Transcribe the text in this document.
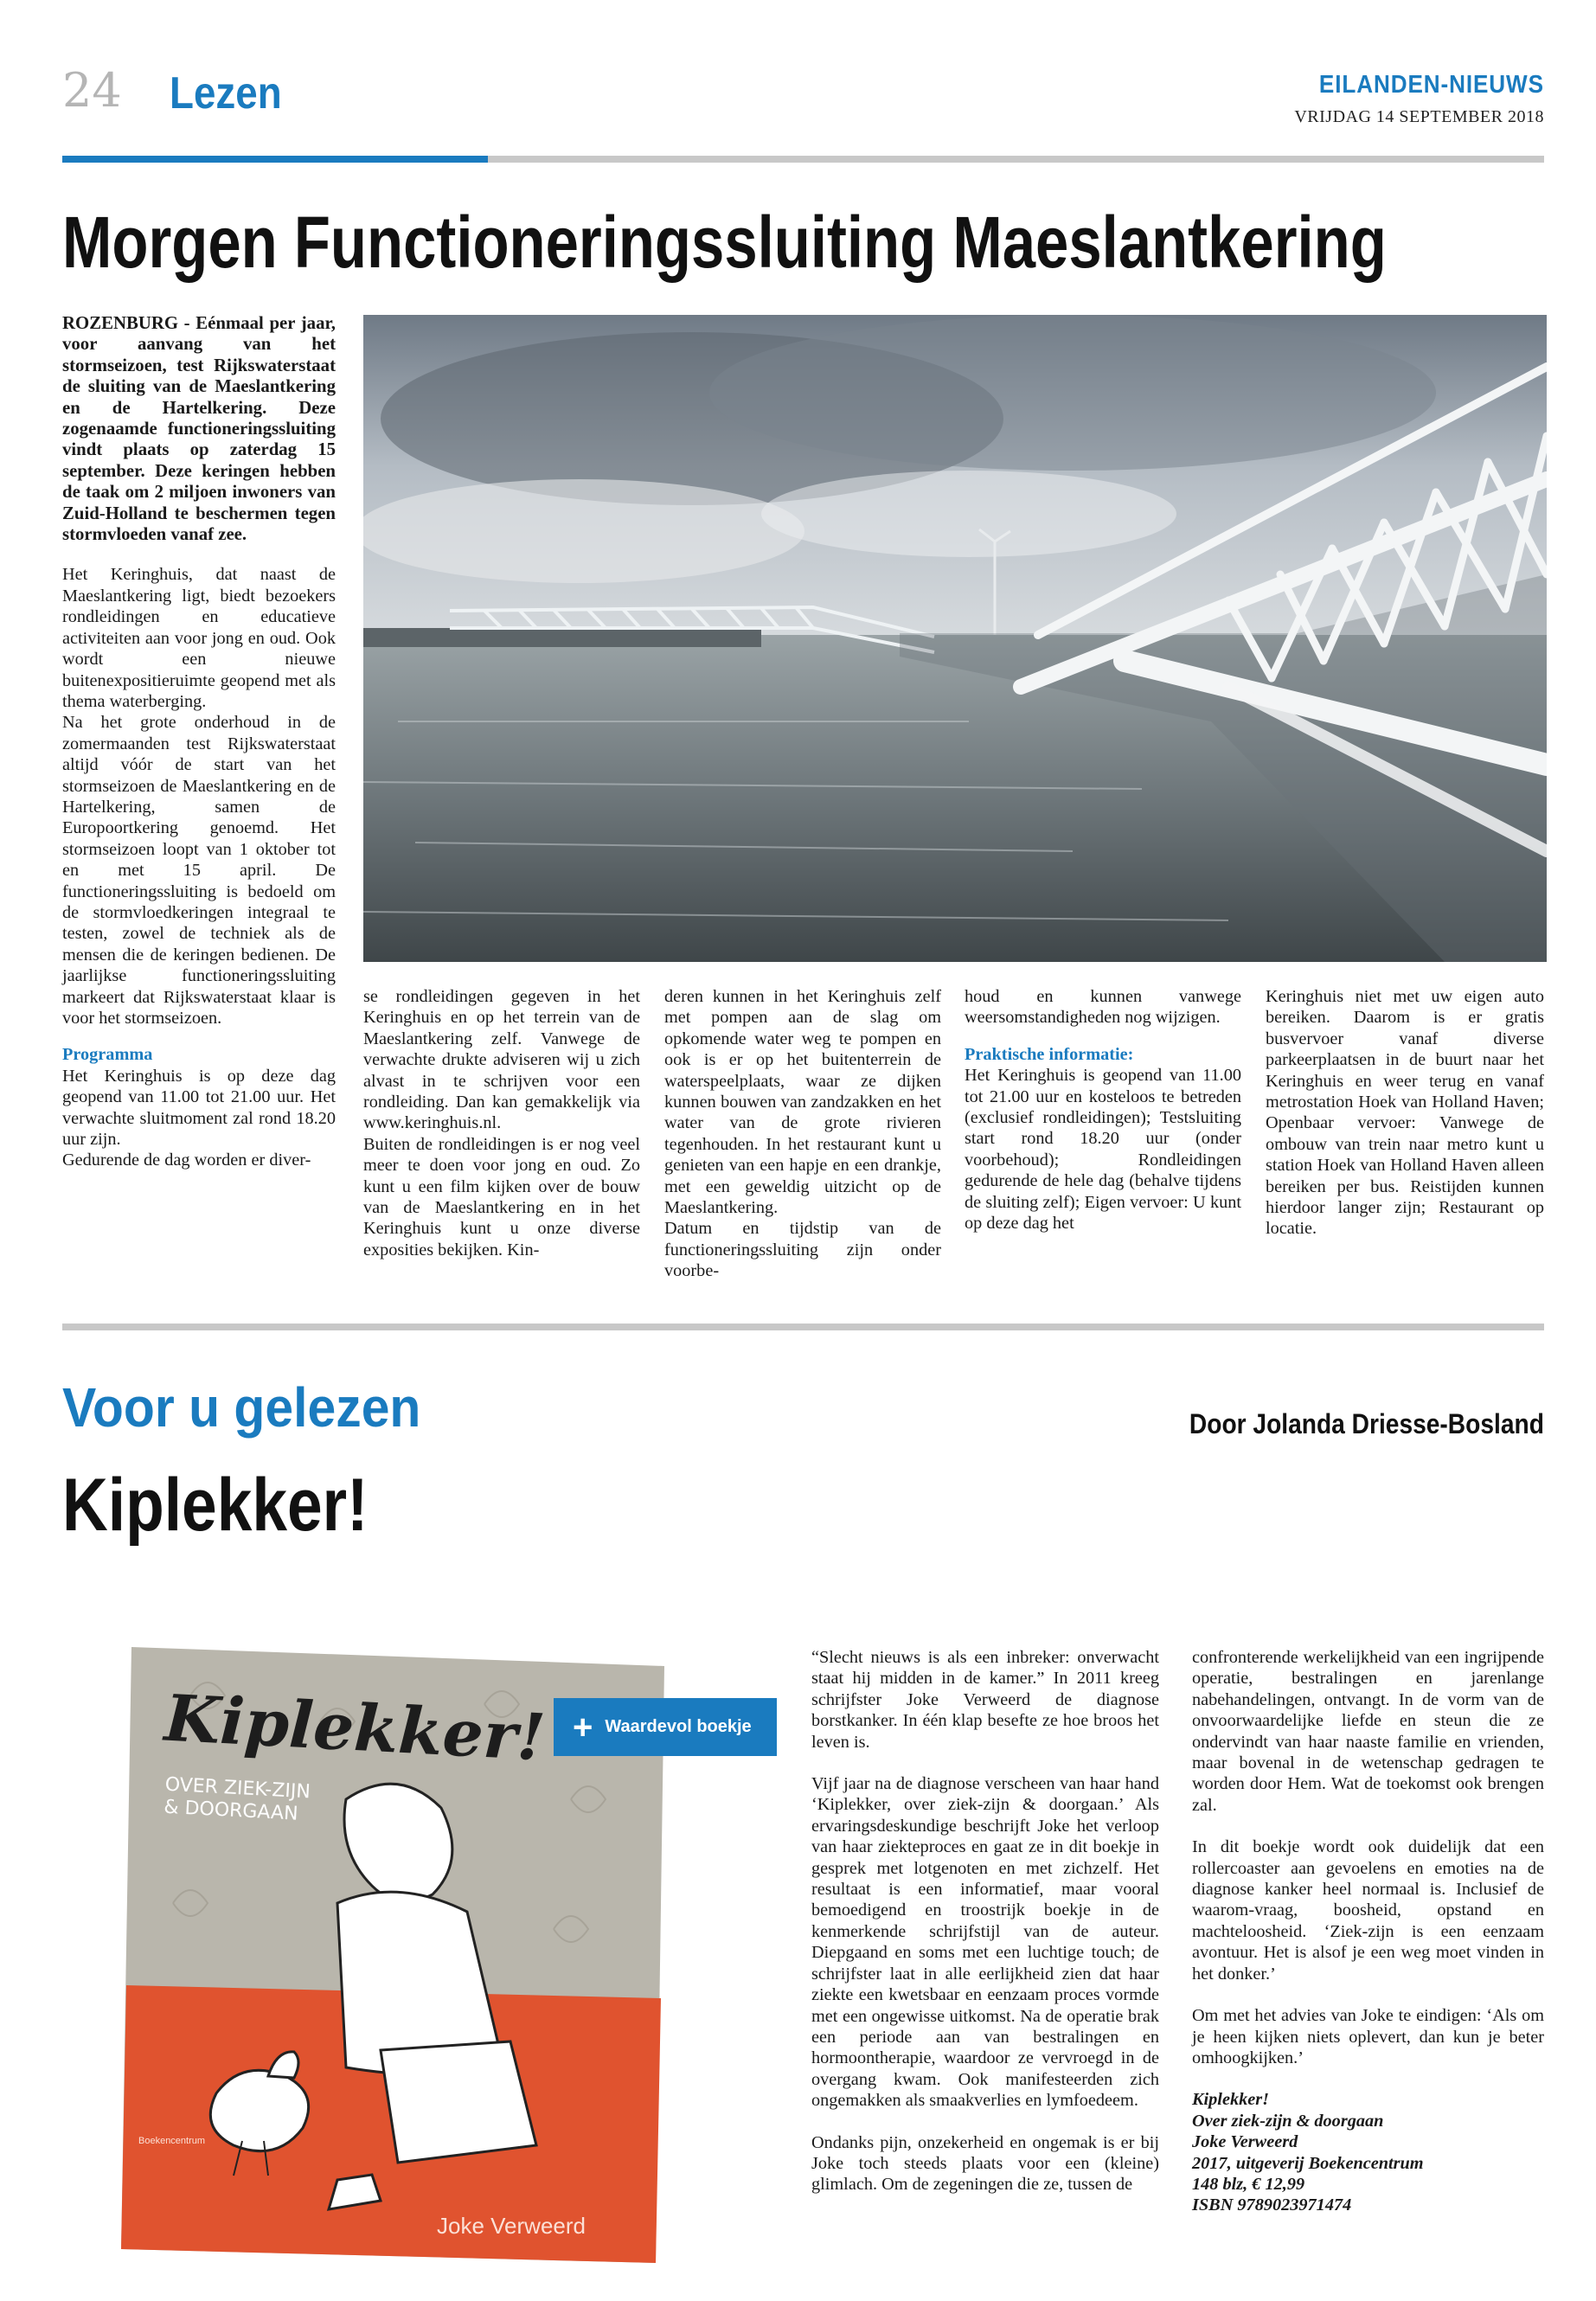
24 Lezen	EILANDEN-NIEUWS
VRIJDAG 14 SEPTEMBER 2018
Morgen Functioneringssluiting Maeslantkering

ROZENBURG - Eénmaal per jaar, voor aanvang van het stormseizoen, test Rijkswaterstaat de sluiting van de Maeslantkering en de Hartelkering. Deze zogenaamde functioneringssluiting vindt plaats op zaterdag 15 september. Deze keringen hebben de taak om 2 miljoen inwoners van Zuid-Holland te beschermen tegen stormvloeden vanaf zee.

Het Keringhuis, dat naast de Maeslantkering ligt, biedt bezoekers rondleidingen en educatieve activiteiten aan voor jong en oud. Ook wordt een nieuwe buitenexpositieruimte geopend met als thema waterberging.

Na het grote onderhoud in de zomermaanden test Rijkswaterstaat altijd vóór de start van het stormseizoen de Maeslantkering en de Hartelkering, samen de Europoortkering genoemd. Het stormseizoen loopt van 1 oktober tot en met 15 april. De functioneringssluiting is bedoeld om de stormvloedkeringen integraal te testen, zowel de techniek als de mensen die de keringen bedienen. De jaarlijkse functioneringssluiting markeert dat Rijkswaterstaat klaar is voor het stormseizoen.

Programma

Het Keringhuis is op deze dag geopend van 11.00 tot 21.00 uur. Het verwachte sluitmoment zal rond 18.20 uur zijn.

Gedurende de dag worden er diver-

se rondleidingen gegeven in het Keringhuis en op het terrein van de Maeslantkering zelf. Vanwege de verwachte drukte adviseren wij u zich alvast in te schrijven voor een rondleiding. Dan kan gemakkelijk via www.keringhuis.nl.

Buiten de rondleidingen is er nog veel meer te doen voor jong en oud. Zo kunt u een film kijken over de bouw van de Maeslantkering en in het Keringhuis kunt u onze diverse exposities bekijken. Kin-

deren kunnen in het Keringhuis zelf met pompen aan de slag om opkomende water weg te pompen en ook is er op het buitenterrein de waterspeelplaats, waar ze dijken kunnen bouwen van zandzakken en het water van de grote rivieren tegenhouden. In het restaurant kunt u genieten van een hapje en een drankje, met een geweldig uitzicht op de Maeslantkering.

Datum en tijdstip van de functioneringssluiting zijn onder voorbe-

houd en kunnen vanwege weersomstandigheden nog wijzigen.

Praktische informatie:

Het Keringhuis is geopend van 11.00 tot 21.00 uur en kosteloos te betreden (exclusief rondleidingen); Testsluiting start rond 18.20 uur (onder voorbehoud); Rondleidingen gedurende de hele dag (behalve tijdens de sluiting zelf); Eigen vervoer: U kunt op deze dag het

Keringhuis niet met uw eigen auto bereiken. Daarom is er gratis busvervoer vanaf diverse parkeerplaatsen in de buurt naar het Keringhuis en weer terug en vanaf metrostation Hoek van Holland Haven; Openbaar vervoer: Vanwege de ombouw van trein naar metro kunt u station Hoek van Holland Haven alleen bereiken per bus. Reistijden kunnen hierdoor langer zijn; Restaurant op locatie.

Voor u gelezen	Door Jolanda Driesse-Bosland
Kiplekker!
Boekencentrum
Kiplekker!
OVER ZIEK-ZIJN
& DOORGAAN
Joke Verweerd
+ Waardevol boekje

“Slecht nieuws is als een inbreker: onverwacht staat hij midden in de kamer.” In 2011 kreeg schrijfster Joke Verweerd de diagnose borstkanker. In één klap besefte ze hoe broos het leven is.

Vijf jaar na de diagnose verscheen van haar hand ‘Kiplekker, over ziek-zijn & doorgaan.’ Als ervaringsdeskundige beschrijft Joke het verloop van haar ziekteproces en gaat ze in dit boekje in gesprek met lotgenoten en met zichzelf. Het resultaat is een informatief, maar vooral bemoedigend en troostrijk boekje in de kenmerkende schrijfstijl van de auteur. Diepgaand en soms met een luchtige touch; de schrijfster laat in alle eerlijkheid zien dat haar ziekte een kwetsbaar en eenzaam proces vormde met een ongewisse uitkomst. Na de operatie brak een periode aan van bestralingen en hormoontherapie, waardoor ze vervroegd in de overgang kwam. Ook manifesteerden zich ongemakken als smaakverlies en lymfoedeem.

Ondanks pijn, onzekerheid en ongemak is er bij Joke toch steeds plaats voor een (kleine) glimlach. Om de zegeningen die ze, tussen de

confronterende werkelijkheid van een ingrijpende operatie, bestralingen en jarenlange nabehandelingen, ontvangt. In de vorm van de onvoorwaardelijke liefde en steun die ze ondervindt van haar naaste familie en vrienden, maar bovenal in de wetenschap gedragen te worden door Hem. Wat de toekomst ook brengen zal.

In dit boekje wordt ook duidelijk dat een rollercoaster aan gevoelens en emoties na de diagnose kanker heel normaal is. Inclusief de waarom-vraag, boosheid, opstand en machteloosheid. ‘Ziek-zijn is een eenzaam avontuur. Het is alsof je een weg moet vinden in het donker.’

Om met het advies van Joke te eindigen: ‘Als om je heen kijken niets oplevert, dan kun je beter omhoogkijken.’

Kiplekker!

Over ziek-zijn & doorgaan

Joke Verweerd

2017, uitgeverij Boekencentrum

148 blz, € 12,99

ISBN 9789023971474
